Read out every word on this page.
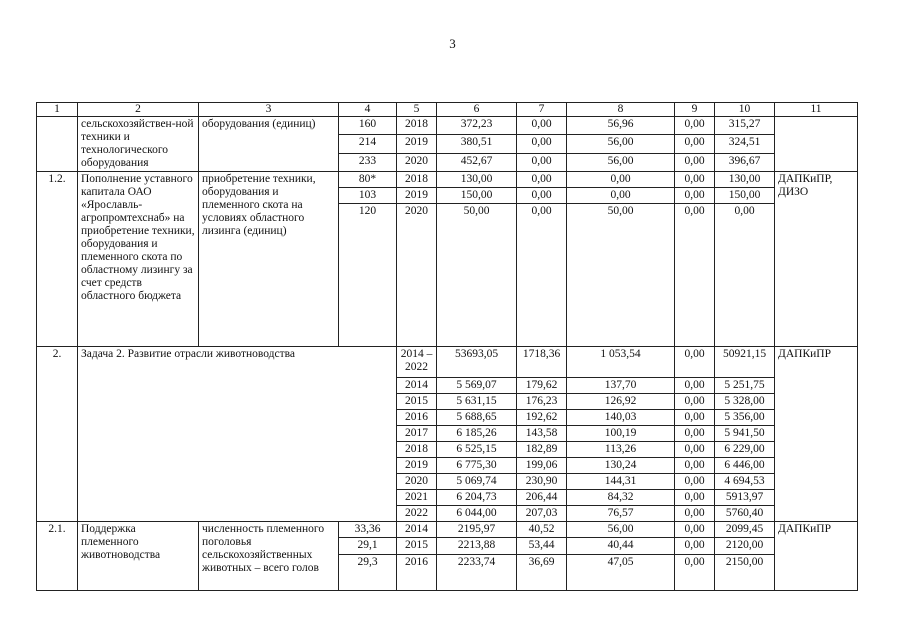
3
1	2	3	4	5	6	7	8	9	10	11
	сельскохозяйствен-ной техники и технологического оборудования	оборудования (единиц)	160	2018	372,23	0,00	56,96	0,00	315,27	
			214	2019	380,51	0,00	56,00	0,00	324,51	
			233	2020	452,67	0,00	56,00	0,00	396,67	
1.2.	Пополнение уставного капитала ОАО «Ярославль-агропромтехснаб» на приобретение техники, оборудования и племенного скота по областному лизингу за счет средств областного бюджета	приобретение техники, оборудования и племенного скота на условиях областного лизинга (единиц)	80*	2018	130,00	0,00	0,00	0,00	130,00	ДАПКиПР, ДИЗО
			103	2019	150,00	0,00	0,00	0,00	150,00	
			120	2020	50,00	0,00	50,00	0,00	0,00	
2.	Задача 2. Развитие отрасли животноводства			2014 – 2022	53693,05	1718,36	1 053,54	0,00	50921,15	ДАПКиПР
				2014	5 569,07	179,62	137,70	0,00	5 251,75	
				2015	5 631,15	176,23	126,92	0,00	5 328,00	
				2016	5 688,65	192,62	140,03	0,00	5 356,00	
				2017	6 185,26	143,58	100,19	0,00	5 941,50	
				2018	6 525,15	182,89	113,26	0,00	6 229,00	
				2019	6 775,30	199,06	130,24	0,00	6 446,00	
				2020	5 069,74	230,90	144,31	0,00	4 694,53	
				2021	6 204,73	206,44	84,32	0,00	5913,97	
				2022	6 044,00	207,03	76,57	0,00	5760,40	
2.1.	Поддержка племенного животноводства	численность племенного поголовья сельскохозяйственных животных – всего голов	33,36	2014	2195,97	40,52	56,00	0,00	2099,45	ДАПКиПР
			29,1	2015	2213,88	53,44	40,44	0,00	2120,00	
			29,3	2016	2233,74	36,69	47,05	0,00	2150,00	
